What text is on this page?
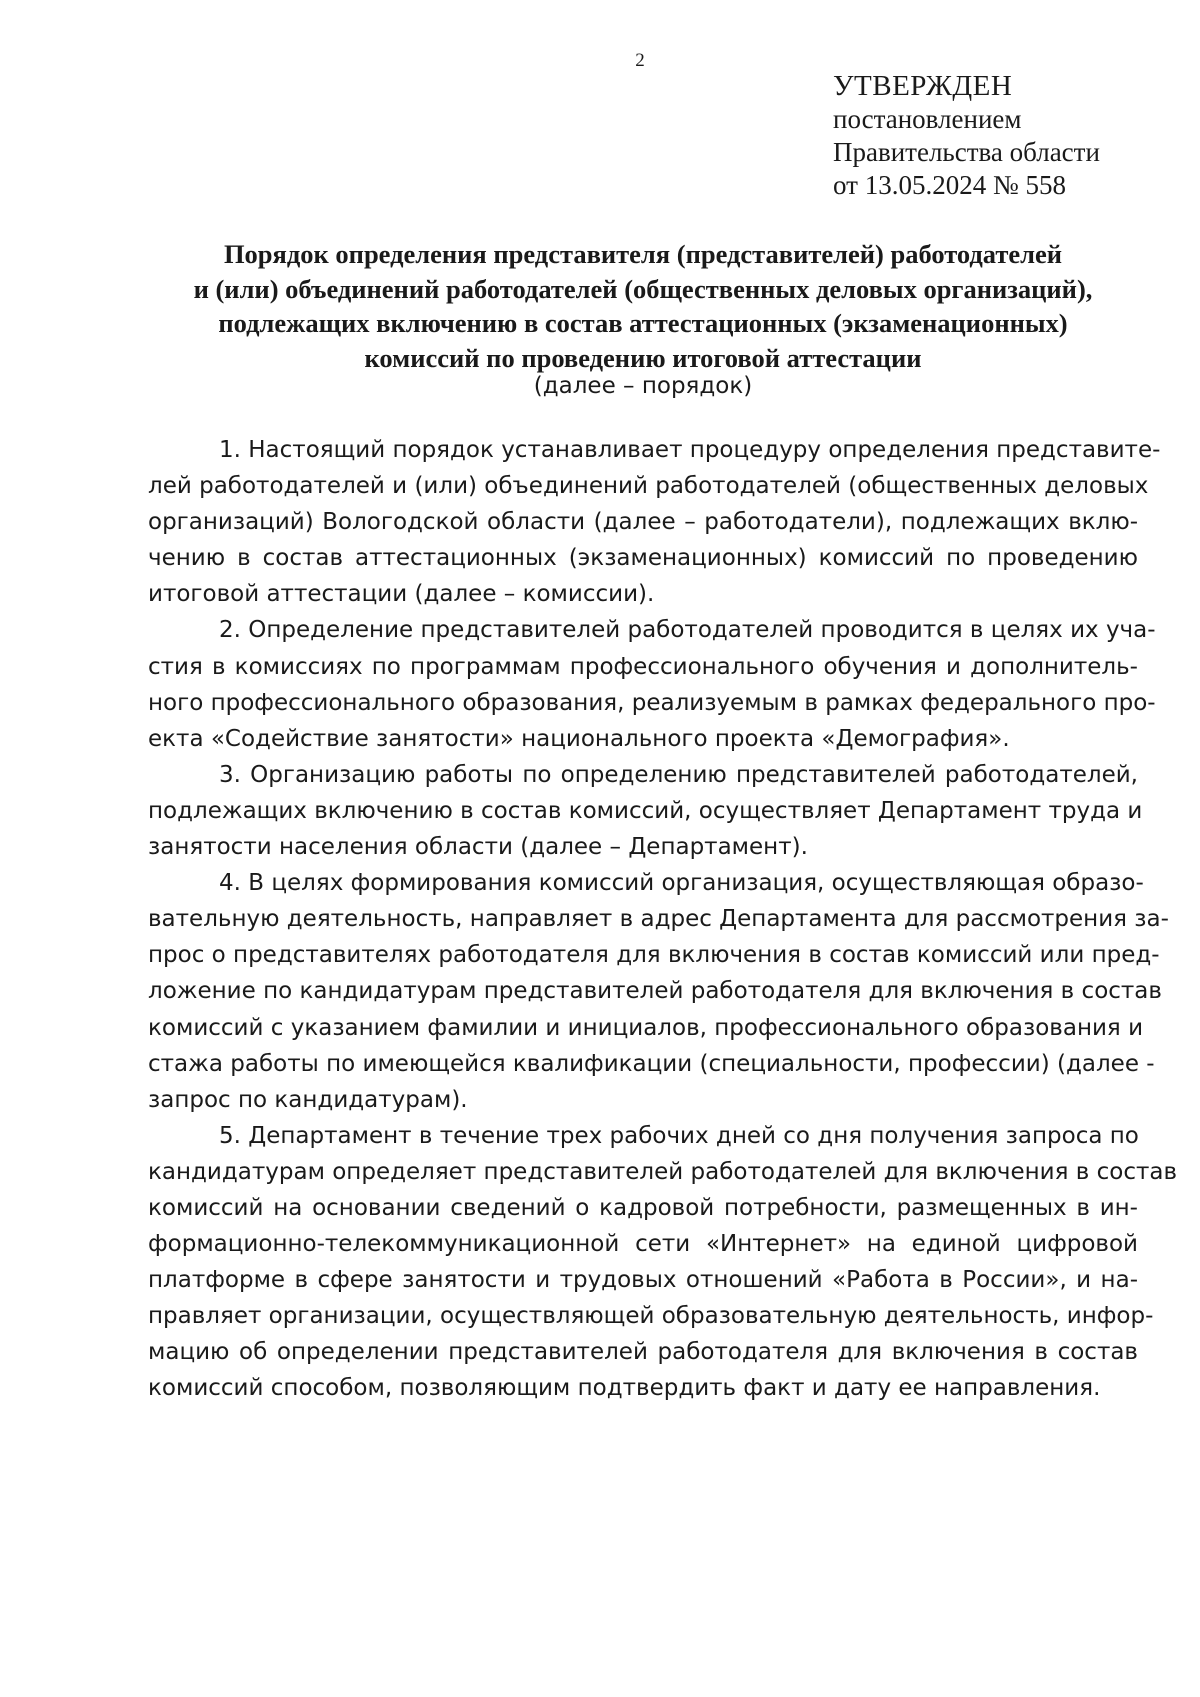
2
УТВЕРЖДЕН
постановлением
Правительства области
от 13.05.2024 № 558
Порядок определения представителя (представителей) работодателей
и (или) объединений работодателей (общественных деловых организаций),
подлежащих включению в состав аттестационных (экзаменационных)
комиссий по проведению итоговой аттестации
(далее – порядок)
1. Настоящий порядок устанавливает процедуру определения представите-
лей работодателей и (или) объединений работодателей (общественных деловых
организаций) Вологодской области (далее – работодатели), подлежащих вклю-
чению в состав аттестационных (экзаменационных) комиссий по проведению
итоговой аттестации (далее – комиссии).
2. Определение представителей работодателей проводится в целях их уча-
стия в комиссиях по программам профессионального обучения и дополнитель-
ного профессионального образования, реализуемым в рамках федерального про-
екта «Содействие занятости» национального проекта «Демография».
3. Организацию работы по определению представителей работодателей,
подлежащих включению в состав комиссий, осуществляет Департамент труда и
занятости населения области (далее – Департамент).
4. В целях формирования комиссий организация, осуществляющая образо-
вательную деятельность, направляет в адрес Департамента для рассмотрения за-
прос о представителях работодателя для включения в состав комиссий или пред-
ложение по кандидатурам представителей работодателя для включения в состав
комиссий с указанием фамилии и инициалов, профессионального образования и
стажа работы по имеющейся квалификации (специальности, профессии) (далее -
запрос по кандидатурам).
5. Департамент в течение трех рабочих дней со дня получения запроса по
кандидатурам определяет представителей работодателей для включения в состав
комиссий на основании сведений о кадровой потребности, размещенных в ин-
формационно-телекоммуникационной сети «Интернет» на единой цифровой
платформе в сфере занятости и трудовых отношений «Работа в России», и на-
правляет организации, осуществляющей образовательную деятельность, инфор-
мацию об определении представителей работодателя для включения в состав
комиссий способом, позволяющим подтвердить факт и дату ее направления.
